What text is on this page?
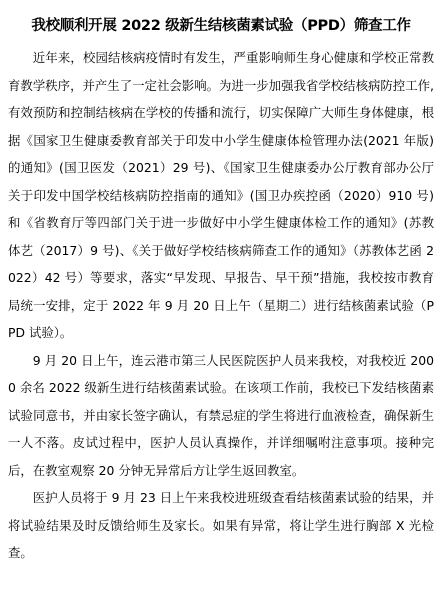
我校顺利开展 2022 级新生结核菌素试验（PPD）筛查工作

近年来，校园结核病疫情时有发生，严重影响师生身心健康和学校正常教育教学秩序，并产生了一定社会影响。为进一步加强我省学校结核病防控工作,有效预防和控制结核病在学校的传播和流行，切实保障广大师生身体健康，根据《国家卫生健康委教育部关于印发中小学生健康体检管理办法(2021 年版)的通知》(国卫医发（2021）29 号)、《国家卫生健康委办公厅教育部办公厅关于印发中国学校结核病防控指南的通知》(国卫办疾控函（2020）910 号)和《省教育厅等四部门关于进一步做好中小学生健康体检工作的通知》(苏教体艺（2017）9 号)、《关于做好学校结核病筛查工作的通知》（苏教体艺函 2022）42 号）等要求，落实“早发现、早报告、早干预”措施，我校按市教育局统一安排，定于 2022 年 9 月 20 日上午（星期二）进行结核菌素试验（PPD 试验）。

9 月 20 日上午，连云港市第三人民医院医护人员来我校，对我校近 2000 余名 2022 级新生进行结核菌素试验。在该项工作前，我校已下发结核菌素试验同意书，并由家长签字确认，有禁忌症的学生将进行血液检查，确保新生一人不落。皮试过程中，医护人员认真操作，并详细嘱咐注意事项。接种完后，在教室观察 20 分钟无异常后方让学生返回教室。

医护人员将于 9 月 23 日上午来我校进班级查看结核菌素试验的结果，并将试验结果及时反馈给师生及家长。如果有异常，将让学生进行胸部 X 光检查。
